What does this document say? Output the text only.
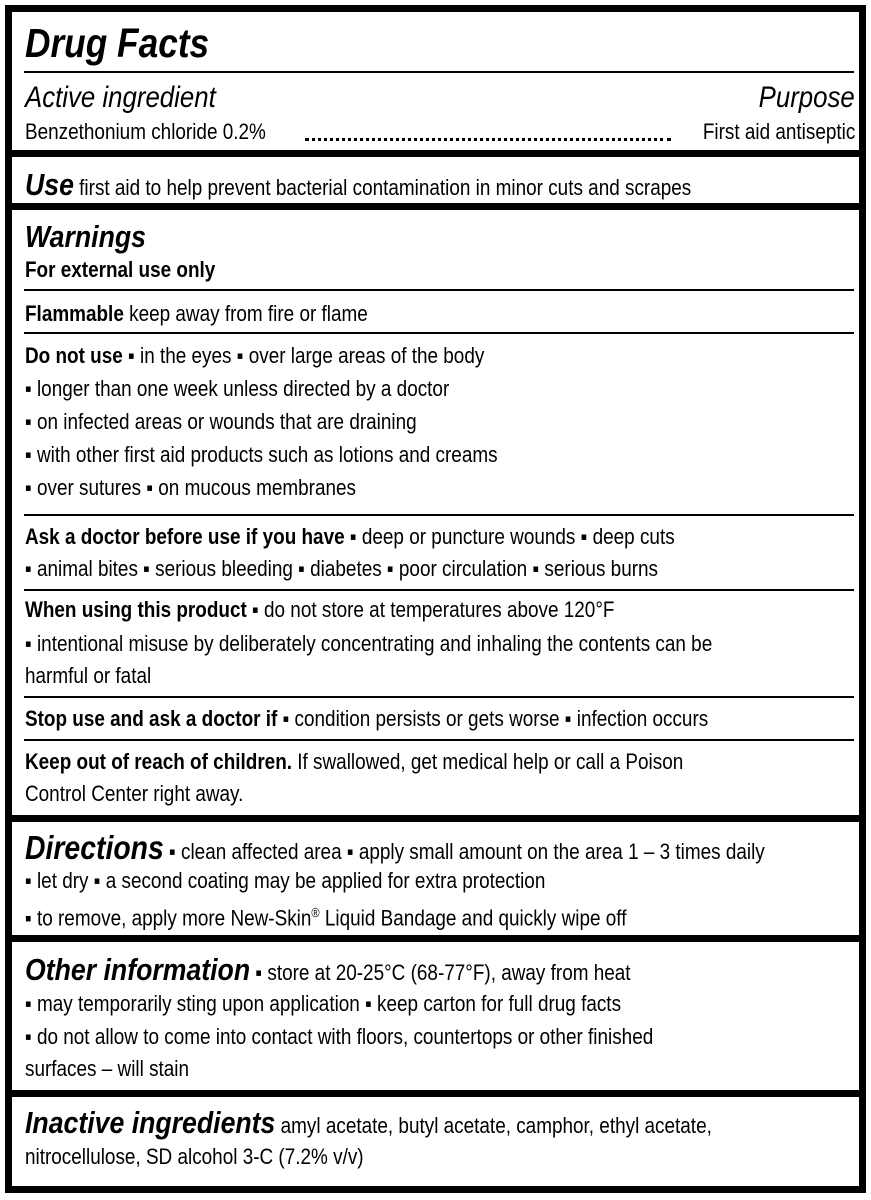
Drug Facts
Active ingredient	Purpose
Benzethonium chloride 0.2%	First aid antiseptic
Use first aid to help prevent bacterial contamination in minor cuts and scrapes
Warnings
For external use only
Flammable keep away from fire or flame
Do not use ▪ in the eyes ▪ over large areas of the body
▪ longer than one week unless directed by a doctor
▪ on infected areas or wounds that are draining
▪ with other first aid products such as lotions and creams
▪ over sutures ▪ on mucous membranes
Ask a doctor before use if you have ▪ deep or puncture wounds ▪ deep cuts
▪ animal bites ▪ serious bleeding ▪ diabetes ▪ poor circulation ▪ serious burns
When using this product ▪ do not store at temperatures above 120°F
▪ intentional misuse by deliberately concentrating and inhaling the contents can be
harmful or fatal
Stop use and ask a doctor if ▪ condition persists or gets worse ▪ infection occurs
Keep out of reach of children. If swallowed, get medical help or call a Poison
Control Center right away.
Directions ▪ clean affected area ▪ apply small amount on the area 1 – 3 times daily
▪ let dry ▪ a second coating may be applied for extra protection
▪ to remove, apply more New-Skin® Liquid Bandage and quickly wipe off
Other information ▪ store at 20-25°C (68-77°F), away from heat
▪ may temporarily sting upon application ▪ keep carton for full drug facts
▪ do not allow to come into contact with floors, countertops or other finished
surfaces – will stain
Inactive ingredients amyl acetate, butyl acetate, camphor, ethyl acetate,
nitrocellulose, SD alcohol 3-C (7.2% v/v)
